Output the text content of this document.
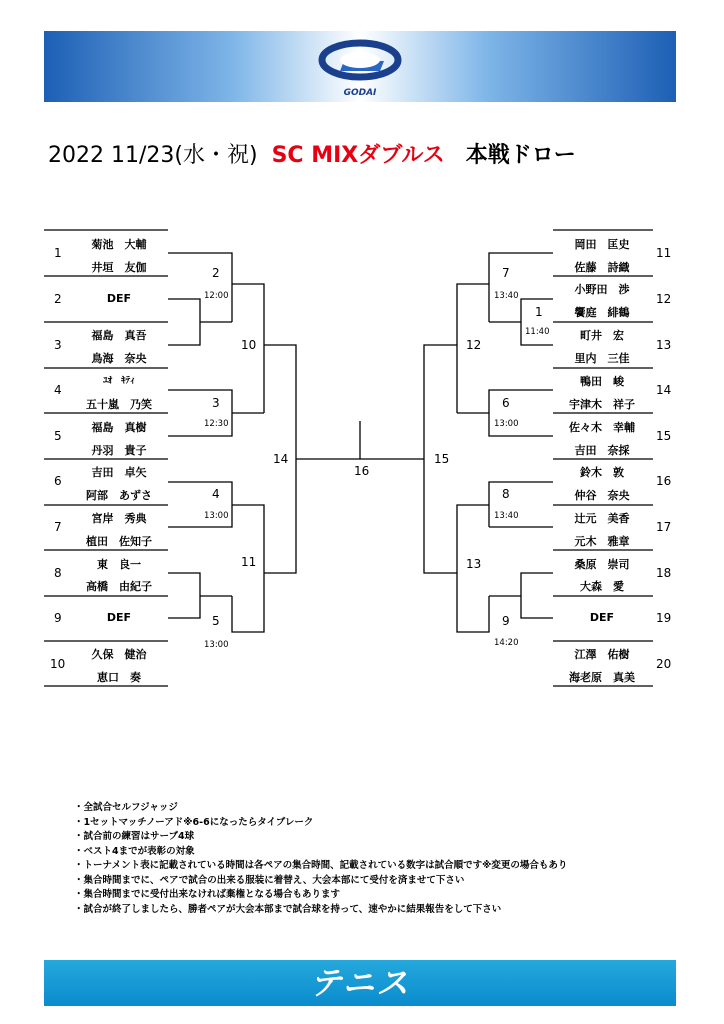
GODAI
2022 11/23(水・祝) SC MIXダブルス 本戦ドロー
1
2
3
4
5
6
7
8
9
10
菊池　大輔
井垣　友伽
DEF
福島　真吾
鳥海　奈央
ﾕｵ　ｷﾃｨ
五十嵐　乃笑
福島　真樹
丹羽　貴子
吉田　卓矢
阿部　あずさ
宮岸　秀典
植田　佐知子
東　良一
高橋　由紀子
DEF
久保　健治
恵口　奏
2
12:00
3
12:30
4
13:00
5
13:00
10
11
14
16
11
12
13
14
15
16
17
18
19
20
岡田　匡史
佐藤　詩織
小野田　渉
饗庭　緋鶴
町井　宏
里内　三佳
鴨田　峻
宇津木　祥子
佐々木　幸輔
吉田　奈採
鈴木　敦
仲谷　奈央
辻元　美香
元木　雅章
桑原　崇司
大森　愛
DEF
江澤　佑樹
海老原　真美
7
13:40
1
11:40
6
13:00
8
13:40
9
14:20
12
13
15
・全試合セルフジャッジ
・1セットマッチノーアド※6-6になったらタイブレーク
・試合前の練習はサーブ4球
・ベスト4までが表彰の対象
・トーナメント表に記載されている時間は各ペアの集合時間、記載されている数字は試合順です※変更の場合もあり
・集合時間までに、ペアで試合の出来る服装に着替え、大会本部にて受付を済ませて下さい
・集合時間までに受付出来なければ棄権となる場合もあります
・試合が終了しましたら、勝者ペアが大会本部まで試合球を持って、速やかに結果報告をして下さい
テニス
